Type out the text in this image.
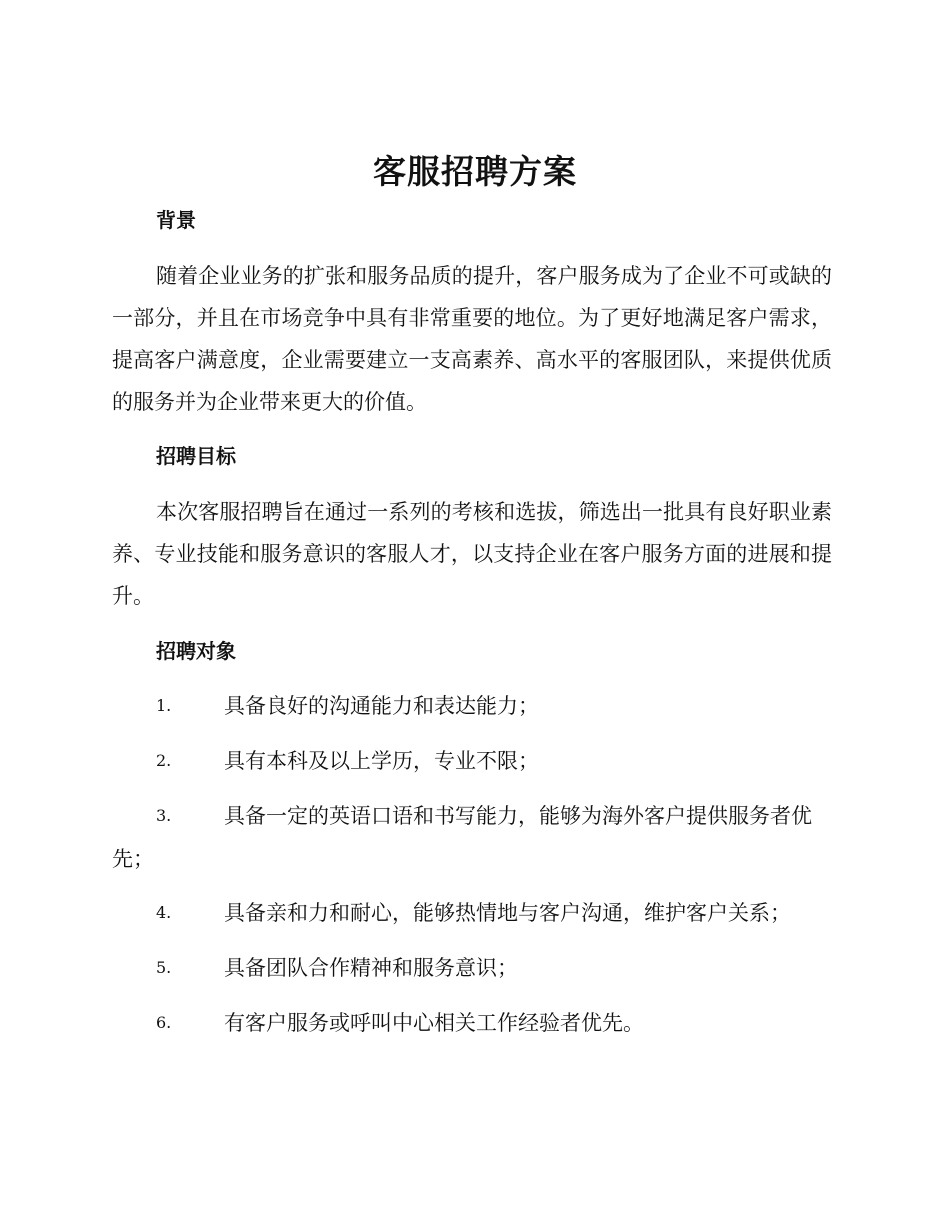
客服招聘方案
背景

随着企业业务的扩张和服务品质的提升，客户服务成为了企业不可或缺的一部分，并且在市场竞争中具有非常重要的地位。为了更好地满足客户需求，提高客户满意度，企业需要建立一支高素养、高水平的客服团队，来提供优质的服务并为企业带来更大的价值。

招聘目标

本次客服招聘旨在通过一系列的考核和选拔，筛选出一批具有良好职业素养、专业技能和服务意识的客服人才，以支持企业在客户服务方面的进展和提升。

招聘对象
1.	具备良好的沟通能力和表达能力；
2.	具有本科及以上学历，专业不限；
3.	具备一定的英语口语和书写能力，能够为海外客户提供服务者优
先；
4.	具备亲和力和耐心，能够热情地与客户沟通，维护客户关系；
5.	具备团队合作精神和服务意识；
6.	有客户服务或呼叫中心相关工作经验者优先。
